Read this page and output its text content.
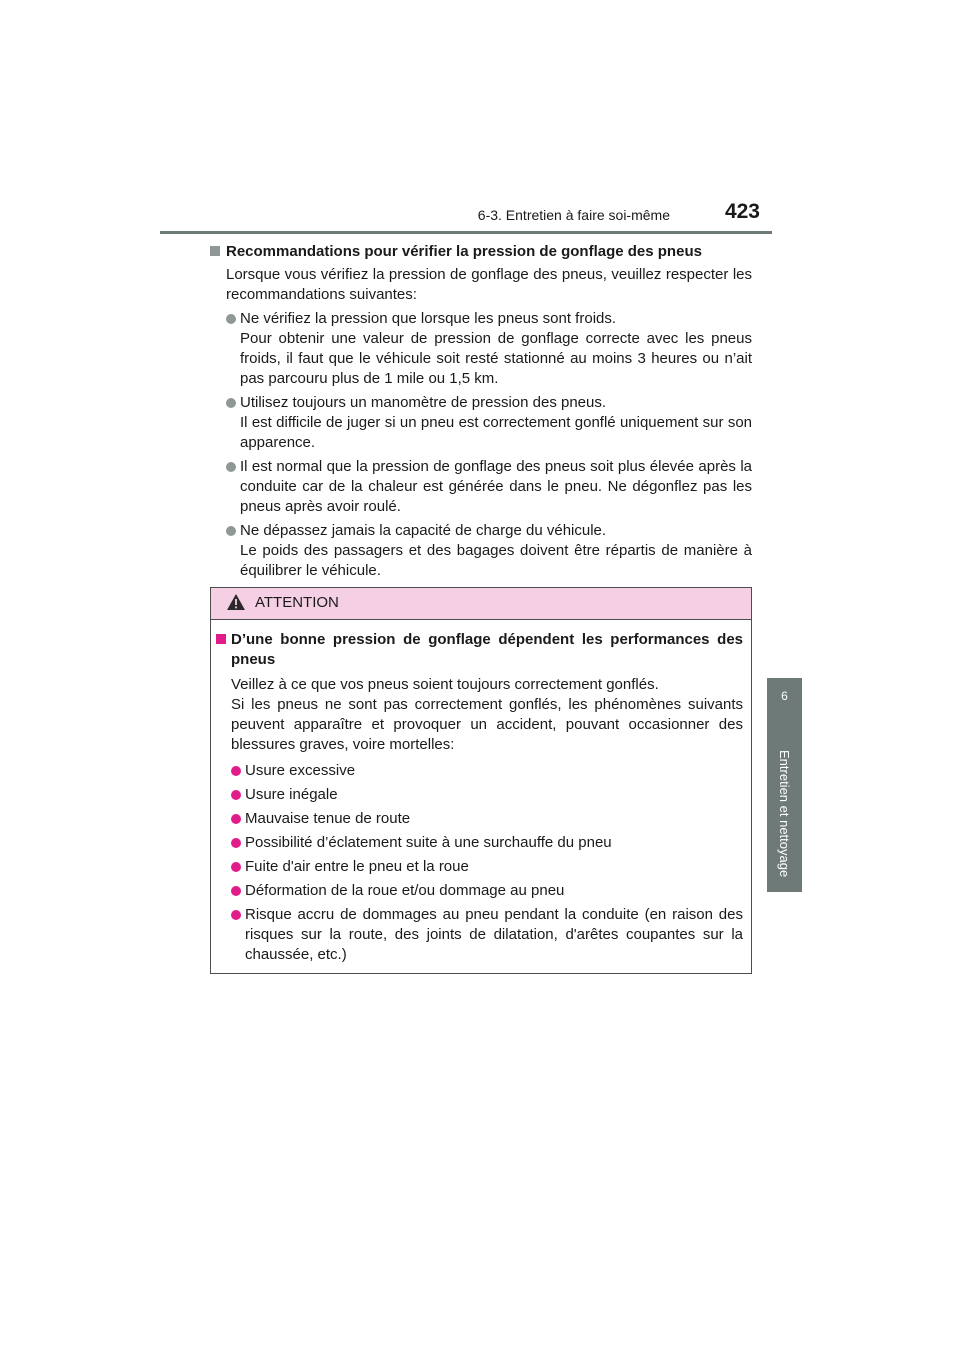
6-3. Entretien à faire soi-même	423
6
Entretien et nettoyage
Recommandations pour vérifier la pression de gonflage des pneus

Lorsque vous vérifiez la pression de gonflage des pneus, veuillez respecter les recommandations suivantes:

Ne vérifiez la pression que lorsque les pneus sont froids.

Pour obtenir une valeur de pression de gonflage correcte avec les pneus froids, il faut que le véhicule soit resté stationné au moins 3 heures ou n’ait pas parcouru plus de 1 mile ou 1,5 km.

Utilisez toujours un manomètre de pression des pneus.

Il est difficile de juger si un pneu est correctement gonflé uniquement sur son apparence.

Il est normal que la pression de gonflage des pneus soit plus élevée après la conduite car de la chaleur est générée dans le pneu. Ne dégonflez pas les pneus après avoir roulé.

Ne dépassez jamais la capacité de charge du véhicule.

Le poids des passagers et des bagages doivent être répartis de manière à équilibrer le véhicule.

ATTENTION
D’une bonne pression de gonflage dépendent les performances des pneus

Veillez à ce que vos pneus soient toujours correctement gonflés.

Si les pneus ne sont pas correctement gonflés, les phénomènes suivants peuvent apparaître et provoquer un accident, pouvant occasionner des blessures graves, voire mortelles:

Usure excessive
Usure inégale
Mauvaise tenue de route
Possibilité d’éclatement suite à une surchauffe du pneu
Fuite d'air entre le pneu et la roue
Déformation de la roue et/ou dommage au pneu
Risque accru de dommages au pneu pendant la conduite (en raison des risques sur la route, des joints de dilatation, d'arêtes coupantes sur la chaussée, etc.)
